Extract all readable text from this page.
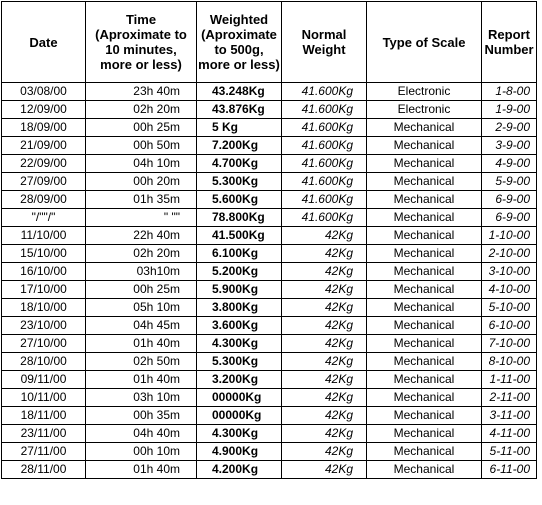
Date	Time
(Aproximate to
10 minutes,
more or less)	Weighted
(Aproximate
to 500g,
more or less)	Normal
Weight	Type of Scale	Report
Number

03/08/00	23h 40m	43.248Kg	41.600Kg	Electronic	1-8-00
12/09/00	02h 20m	43.876Kg	41.600Kg	Electronic	1-9-00
18/09/00	00h 25m	5 Kg	41.600Kg	Mechanical	2-9-00
21/09/00	00h 50m	7.200Kg	41.600Kg	Mechanical	3-9-00
22/09/00	04h 10m	4.700Kg	41.600Kg	Mechanical	4-9-00
27/09/00	00h 20m	5.300Kg	41.600Kg	Mechanical	5-9-00
28/09/00	01h 35m	5.600Kg	41.600Kg	Mechanical	6-9-00
"/""/"	" ""	78.800Kg	41.600Kg	Mechanical	6-9-00
11/10/00	22h 40m	41.500Kg	42Kg	Mechanical	1-10-00
15/10/00	02h 20m	6.100Kg	42Kg	Mechanical	2-10-00
16/10/00	03h10m	5.200Kg	42Kg	Mechanical	3-10-00
17/10/00	00h 25m	5.900Kg	42Kg	Mechanical	4-10-00
18/10/00	05h 10m	3.800Kg	42Kg	Mechanical	5-10-00
23/10/00	04h 45m	3.600Kg	42Kg	Mechanical	6-10-00
27/10/00	01h 40m	4.300Kg	42Kg	Mechanical	7-10-00
28/10/00	02h 50m	5.300Kg	42Kg	Mechanical	8-10-00
09/11/00	01h 40m	3.200Kg	42Kg	Mechanical	1-11-00
10/11/00	03h 10m	00000Kg	42Kg	Mechanical	2-11-00
18/11/00	00h 35m	00000Kg	42Kg	Mechanical	3-11-00
23/11/00	04h 40m	4.300Kg	42Kg	Mechanical	4-11-00
27/11/00	00h 10m	4.900Kg	42Kg	Mechanical	5-11-00
28/11/00	01h 40m	4.200Kg	42Kg	Mechanical	6-11-00
